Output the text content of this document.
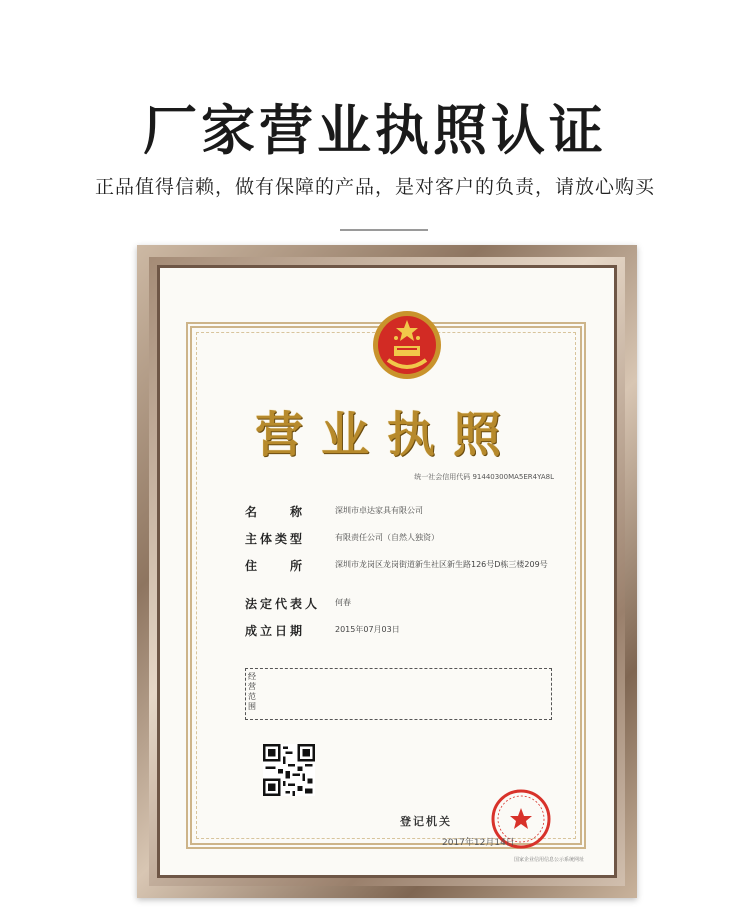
厂家营业执照认证
正品值得信赖，做有保障的产品，是对客户的负责，请放心购买
营业执照
统一社会信用代码 91440300MA5ER4YA8L
名　　称	深圳市卓达家具有限公司
主体类型	有限责任公司（自然人独资）
住　　所	深圳市龙岗区龙岗街道新生社区新生路126号D栋三楼209号
法定代表人	何春
成立日期	2015年07月03日
经营范围
登记机关
2017年12月14日
国家企业信用信息公示系统网址
